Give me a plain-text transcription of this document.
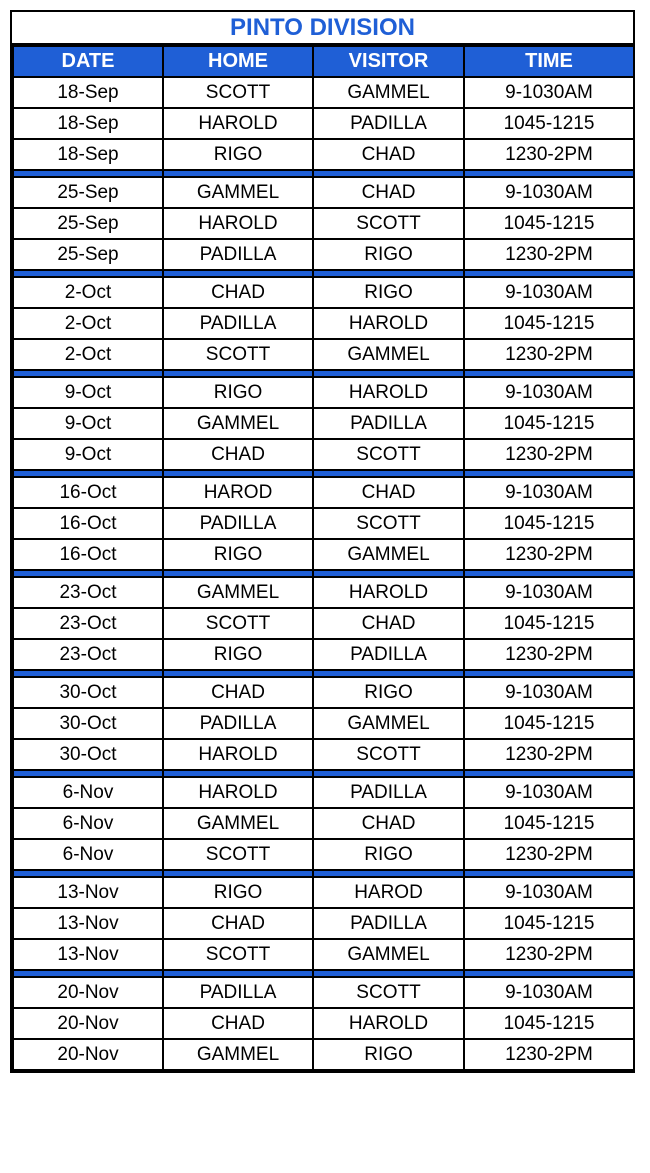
PINTO DIVISION
DATE	HOME	VISITOR	TIME
18-Sep	SCOTT	GAMMEL	9-1030AM
18-Sep	HAROLD	PADILLA	1045-1215
18-Sep	RIGO	CHAD	1230-2PM

25-Sep	GAMMEL	CHAD	9-1030AM
25-Sep	HAROLD	SCOTT	1045-1215
25-Sep	PADILLA	RIGO	1230-2PM

2-Oct	CHAD	RIGO	9-1030AM
2-Oct	PADILLA	HAROLD	1045-1215
2-Oct	SCOTT	GAMMEL	1230-2PM

9-Oct	RIGO	HAROLD	9-1030AM
9-Oct	GAMMEL	PADILLA	1045-1215
9-Oct	CHAD	SCOTT	1230-2PM

16-Oct	HAROD	CHAD	9-1030AM
16-Oct	PADILLA	SCOTT	1045-1215
16-Oct	RIGO	GAMMEL	1230-2PM

23-Oct	GAMMEL	HAROLD	9-1030AM
23-Oct	SCOTT	CHAD	1045-1215
23-Oct	RIGO	PADILLA	1230-2PM

30-Oct	CHAD	RIGO	9-1030AM
30-Oct	PADILLA	GAMMEL	1045-1215
30-Oct	HAROLD	SCOTT	1230-2PM

6-Nov	HAROLD	PADILLA	9-1030AM
6-Nov	GAMMEL	CHAD	1045-1215
6-Nov	SCOTT	RIGO	1230-2PM

13-Nov	RIGO	HAROD	9-1030AM
13-Nov	CHAD	PADILLA	1045-1215
13-Nov	SCOTT	GAMMEL	1230-2PM

20-Nov	PADILLA	SCOTT	9-1030AM
20-Nov	CHAD	HAROLD	1045-1215
20-Nov	GAMMEL	RIGO	1230-2PM
